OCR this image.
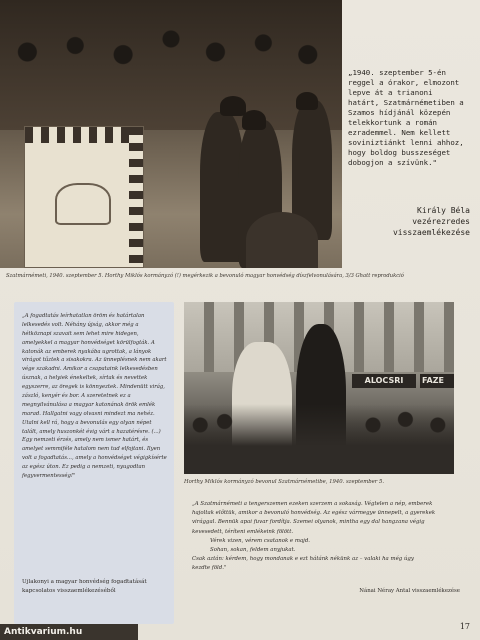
„1940. szeptember 5-én reggel a órakor, elmozont lepve át a trianoni határt, Szatmárnémetiben a Szamos hídjánál közepén telekkortunk a román ezrademmel. Nem kellett soviniztiánkt lenni ahhoz, hogy boldog busszeséget dobogjon a szívünk."
Király Béla
vezérezredes visszaemlékezése
Szatmárnémeti, 1940. szeptember 5. Horthy Miklós kormányzó (!) megérkezik a bevonuló magyar honvédség díszfelvonulására, 3/3 Ghatt reprodukció
„A fogadtatás leírhatatlan öröm és határtalan lelkesedés volt. Néhány újság, akkor még a hétköznapi szavait sem lehet mire hidegen, amelyekkel a magyar honvédséget körülfogták. A katonák az emberek nyakába ugrottak, a lányok virágot tűztek a sisakokra. Az ünneplésnek nem akart vége szakadni. Amikor a csapataink lelkesedésben úsznak, a helyiek énekeltek, sírtak és nevettek egyszerre, az öregek is könnyeztek. Mindenütt virág, zászló, kenyér és bor. A szeretetnek ez a megnyilvánulása a magyar katonának örök emlék marad. Hallgatni vagy olvasni mindezt ma nehéz. Utalni kell rá, hogy a bevonulás egy olyan népet talált, amely huszonkét évig várt a hazatérésre. (...) Egy nemzeti érzés, amely nem ismer határt, és amelyet semmiféle hatalom nem tud elfojtani. Ilyen volt a fogadtatás..., amely a honvédséget végigkísérte az egész úton. Ez pedig a nemzeti, nyugodtan fegyvermentesség!"
Ujlakonyi a magyar honvédség fogadtatását kapcsolatos visszaemlékezéséből
ALOCSRI	FAZE
Horthy Miklós kormányzó bevonul Szatmárnémetibe, 1940. szeptember 5.
„A Szatmárnémeti a tengerszemen ezeken szerzem a sokaság. Végtelen a nép, emberek
hajoltak előttük, amikor a bevonuló honvédség. Az egész vármegye ünnepelt, a gyerekek
virággal. Bennük apai fuvar fordítja. Szemei olyanok, mintha egy dal hangzana végig
kevesedett, téríteni emlékeink fölött.
Vérek vizen, vérem csatanok e majd.
Sohan, sokan, feldem anyjukat.
Csak aztán: kérdem, hogy mondanak e ezt hátánk nékünk az – valaki ha még úgy
kezdte föld."
Nánai Néray Antal visszaemlékezése
17
Antikvarium.hu
